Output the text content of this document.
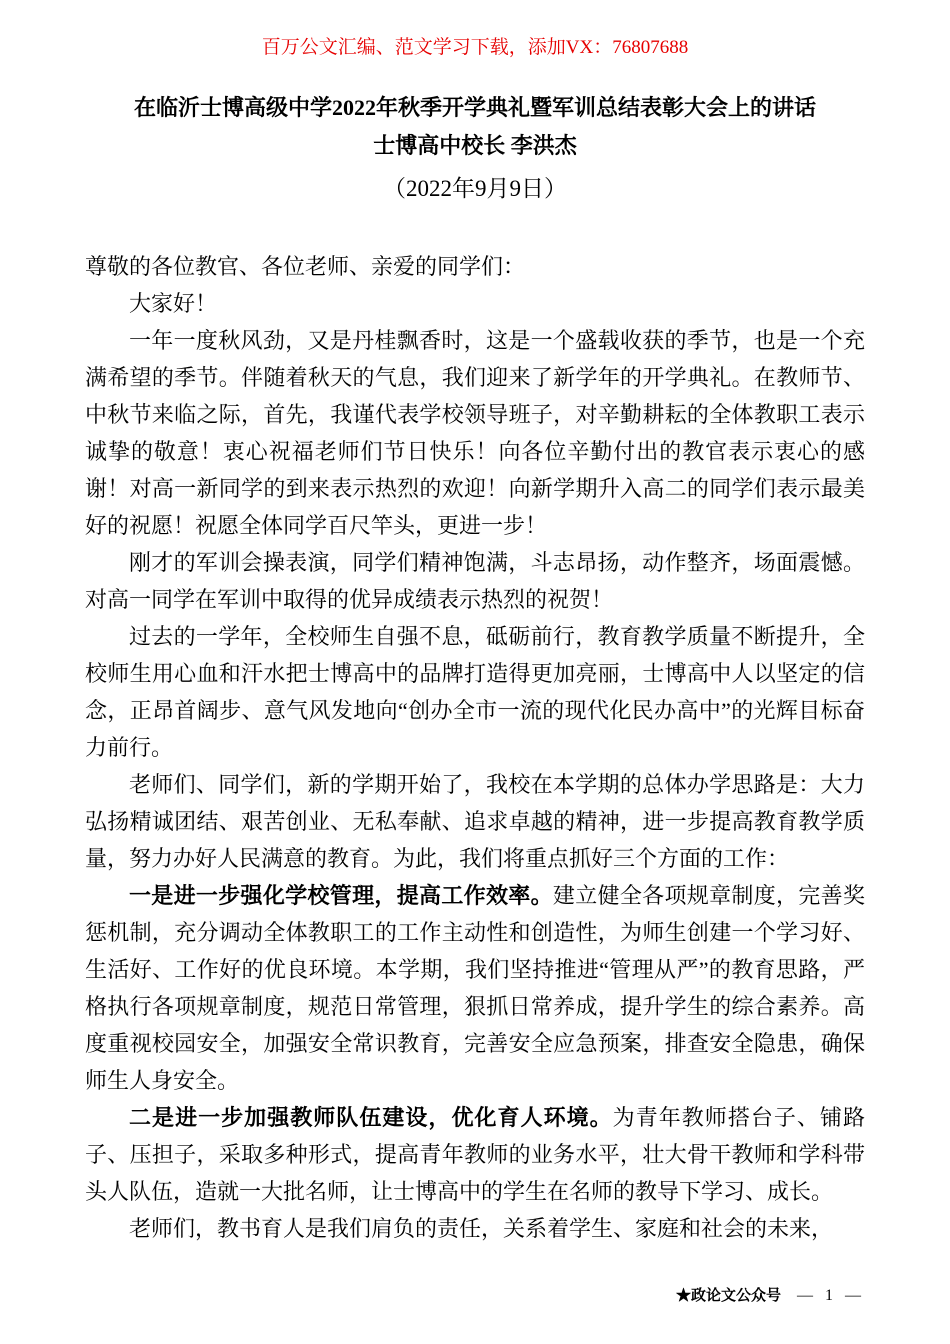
百万公文汇编、范文学习下载，添加VX：76807688
在临沂士博高级中学2022年秋季开学典礼暨军训总结表彰大会上的讲话
士博高中校长 李洪杰
（2022年9月9日）

尊敬的各位教官、各位老师、亲爱的同学们：

大家好！

一年一度秋风劲，又是丹桂飘香时，这是一个盛载收获的季节，也是一个充满希望的季节。伴随着秋天的气息，我们迎来了新学年的开学典礼。在教师节、中秋节来临之际，首先，我谨代表学校领导班子，对辛勤耕耘的全体教职工表示诚挚的敬意！衷心祝福老师们节日快乐！向各位辛勤付出的教官表示衷心的感谢！对高一新同学的到来表示热烈的欢迎！向新学期升入高二的同学们表示最美好的祝愿！祝愿全体同学百尺竿头，更进一步！

刚才的军训会操表演，同学们精神饱满，斗志昂扬，动作整齐，场面震憾。对高一同学在军训中取得的优异成绩表示热烈的祝贺！

过去的一学年，全校师生自强不息，砥砺前行，教育教学质量不断提升，全校师生用心血和汗水把士博高中的品牌打造得更加亮丽，士博高中人以坚定的信念，正昂首阔步、意气风发地向“创办全市一流的现代化民办高中”的光辉目标奋力前行。

老师们、同学们，新的学期开始了，我校在本学期的总体办学思路是：大力弘扬精诚团结、艰苦创业、无私奉献、追求卓越的精神，进一步提高教育教学质量，努力办好人民满意的教育。为此，我们将重点抓好三个方面的工作：

一是进一步强化学校管理，提高工作效率。建立健全各项规章制度，完善奖惩机制，充分调动全体教职工的工作主动性和创造性，为师生创建一个学习好、生活好、工作好的优良环境。本学期，我们坚持推进“管理从严”的教育思路，严格执行各项规章制度，规范日常管理，狠抓日常养成，提升学生的综合素养。高度重视校园安全，加强安全常识教育，完善安全应急预案，排查安全隐患，确保师生人身安全。

二是进一步加强教师队伍建设，优化育人环境。为青年教师搭台子、铺路子、压担子，采取多种形式，提高青年教师的业务水平，壮大骨干教师和学科带头人队伍，造就一大批名师，让士博高中的学生在名师的教导下学习、成长。

老师们，教书育人是我们肩负的责任，关系着学生、家庭和社会的未来，

★政论文公众号 — 1 —
